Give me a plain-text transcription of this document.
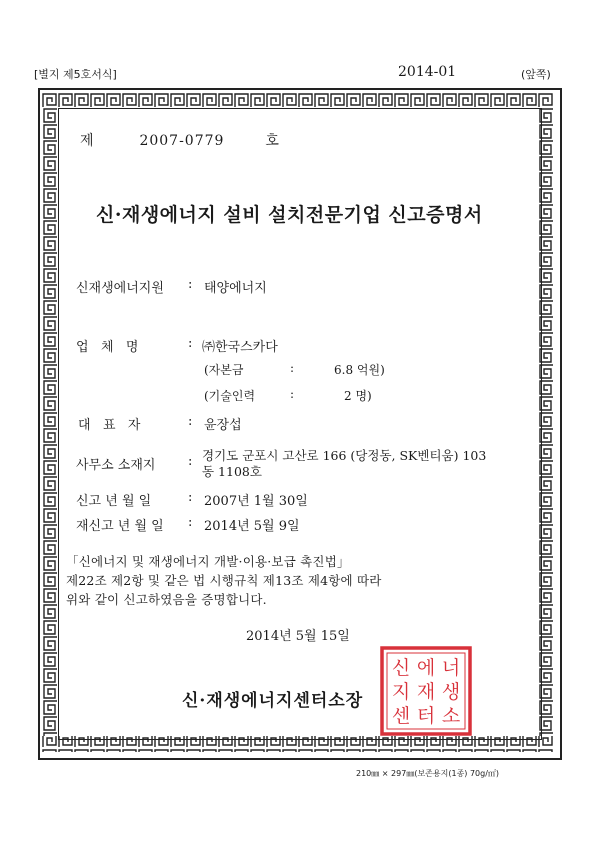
[별지 제5호서식]	2014-01	(앞쪽)
제	2007-0779	호
신·재생에너지 설비 설치전문기업 신고증명서
신재생에너지원 : 태양에너지
업   체   명	: ㈜한국스카다
(자본금	:	6.8 억원)
(기술인력	:	2 명)
대   표   자	: 윤장섭
사무소 소재지	: 경기도 군포시 고산로 166 (당정동, SK벤티움) 103
동 1108호
신고 년 월 일	: 2007년 1월 30일
재신고 년 월 일 : 2014년 5월 9일
「신에너지 및 재생에너지 개발·이용·보급 촉진법」
제22조 제2항 및 같은 법 시행규칙 제13조 제4항에 따라
위와 같이 신고하였음을 증명합니다.
2014년 5월 15일
신 에 너
지 재 생
센 터 소
신·재생에너지센터소장
210㎜ × 297㎜(보존용지(1종) 70g/㎡)
